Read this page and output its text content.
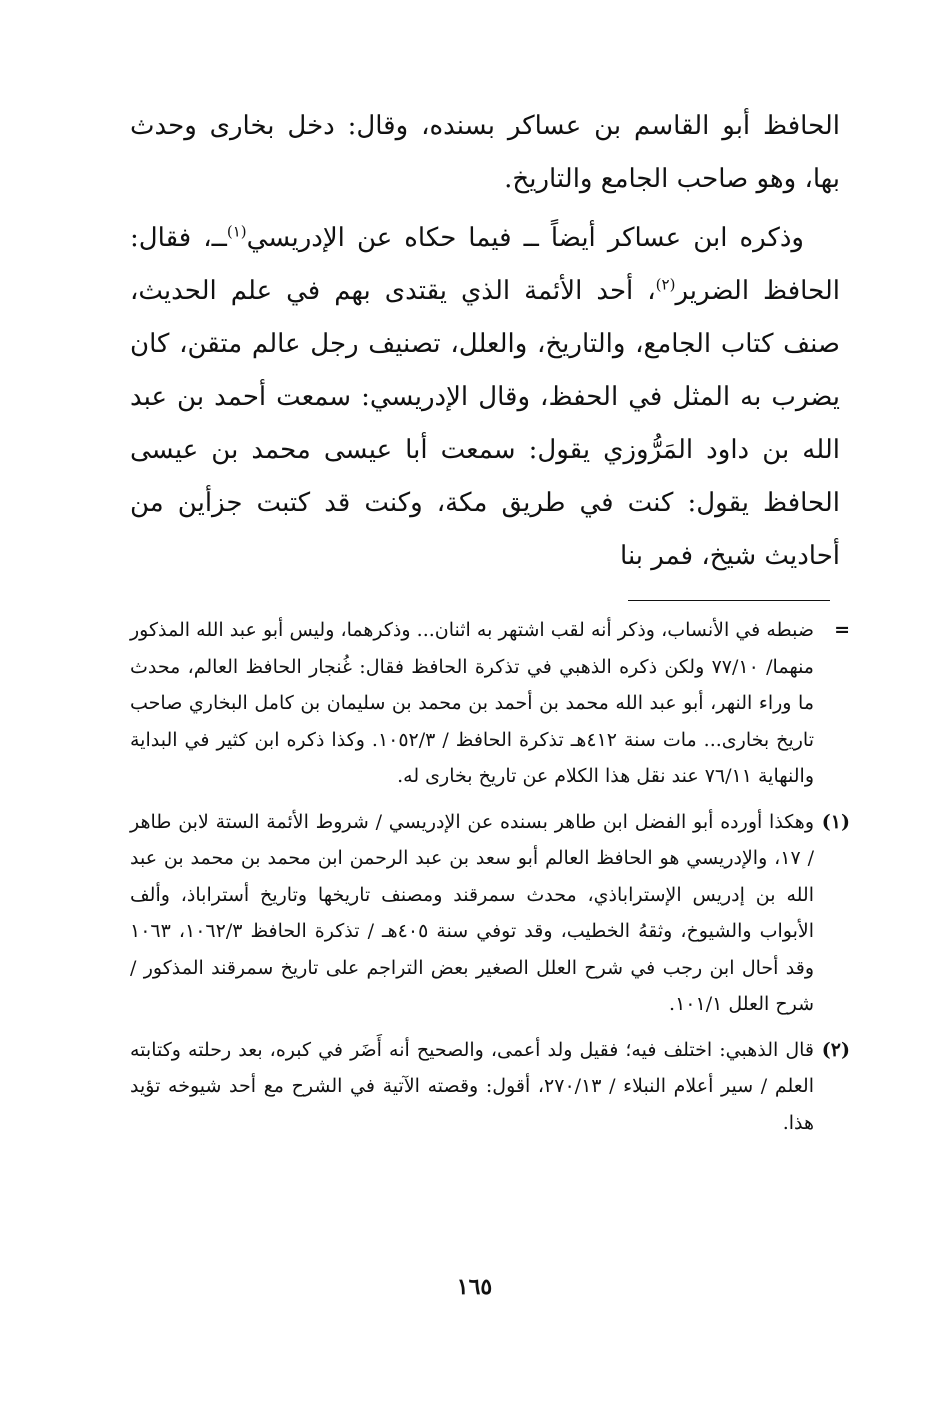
الحافظ أبو القاسم بن عساكر بسنده، وقال: دخل بخارى وحدث بها، وهو صاحب الجامع والتاريخ.

وذكره ابن عساكر أيضاً ــ فيما حكاه عن الإدريسي$^{(١)}$ــ، فقال: الحافظ الضرير$^{(٢)}$، أحد الأئمة الذي يقتدى بهم في علم الحديث، صنف كتاب الجامع، والتاريخ، والعلل، تصنيف رجل عالم متقن، كان يضرب به المثل في الحفظ، وقال الإدريسي: سمعت أحمد بن عبد الله بن داود المَرُّوزي يقول: سمعت أبا عيسى محمد بن عيسى الحافظ يقول: كنت في طريق مكة، وكنت قد كتبت جزأين من أحاديث شيخ، فمر بنا

=
ضبطه في الأنساب، وذكر أنه لقب اشتهر به اثنان... وذكرهما، وليس أبو عبد الله المذكور منهما/ ٧٧/١٠ ولكن ذكره الذهبي في تذكرة الحافظ فقال: غُنجار الحافظ العالم، محدث ما وراء النهر، أبو عبد الله محمد بن أحمد بن محمد بن سليمان بن كامل البخاري صاحب تاريخ بخارى... مات سنة ٤١٢هـ تذكرة الحافظ / ١٠٥٢/٣. وكذا ذكره ابن كثير في البداية والنهاية ٧٦/١١ عند نقل هذا الكلام عن تاريخ بخارى له.
(١)
وهكذا أورده أبو الفضل ابن طاهر بسنده عن الإدريسي / شروط الأئمة الستة لابن طاهر / ١٧، والإدريسي هو الحافظ العالم أبو سعد بن عبد الرحمن ابن محمد بن محمد بن عبد الله بن إدريس الإستراباذي، محدث سمرقند ومصنف تاريخها وتاريخ أستراباذ، وألف الأبواب والشيوخ، وثقهُ الخطيب، وقد توفي سنة ٤٠٥هـ / تذكرة الحافظ ١٠٦٢/٣، ١٠٦٣ وقد أحال ابن رجب في شرح العلل الصغير بعض التراجم على تاريخ سمرقند المذكور / شرح العلل ١٠١/١.
(٢)
قال الذهبي: اختلف فيه؛ فقيل ولد أعمى، والصحيح أنه أَضَر في كبره، بعد رحلته وكتابته العلم / سير أعلام النبلاء / ٢٧٠/١٣، أقول: وقصته الآتية في الشرح مع أحد شيوخه تؤيد هذا.
١٦٥
